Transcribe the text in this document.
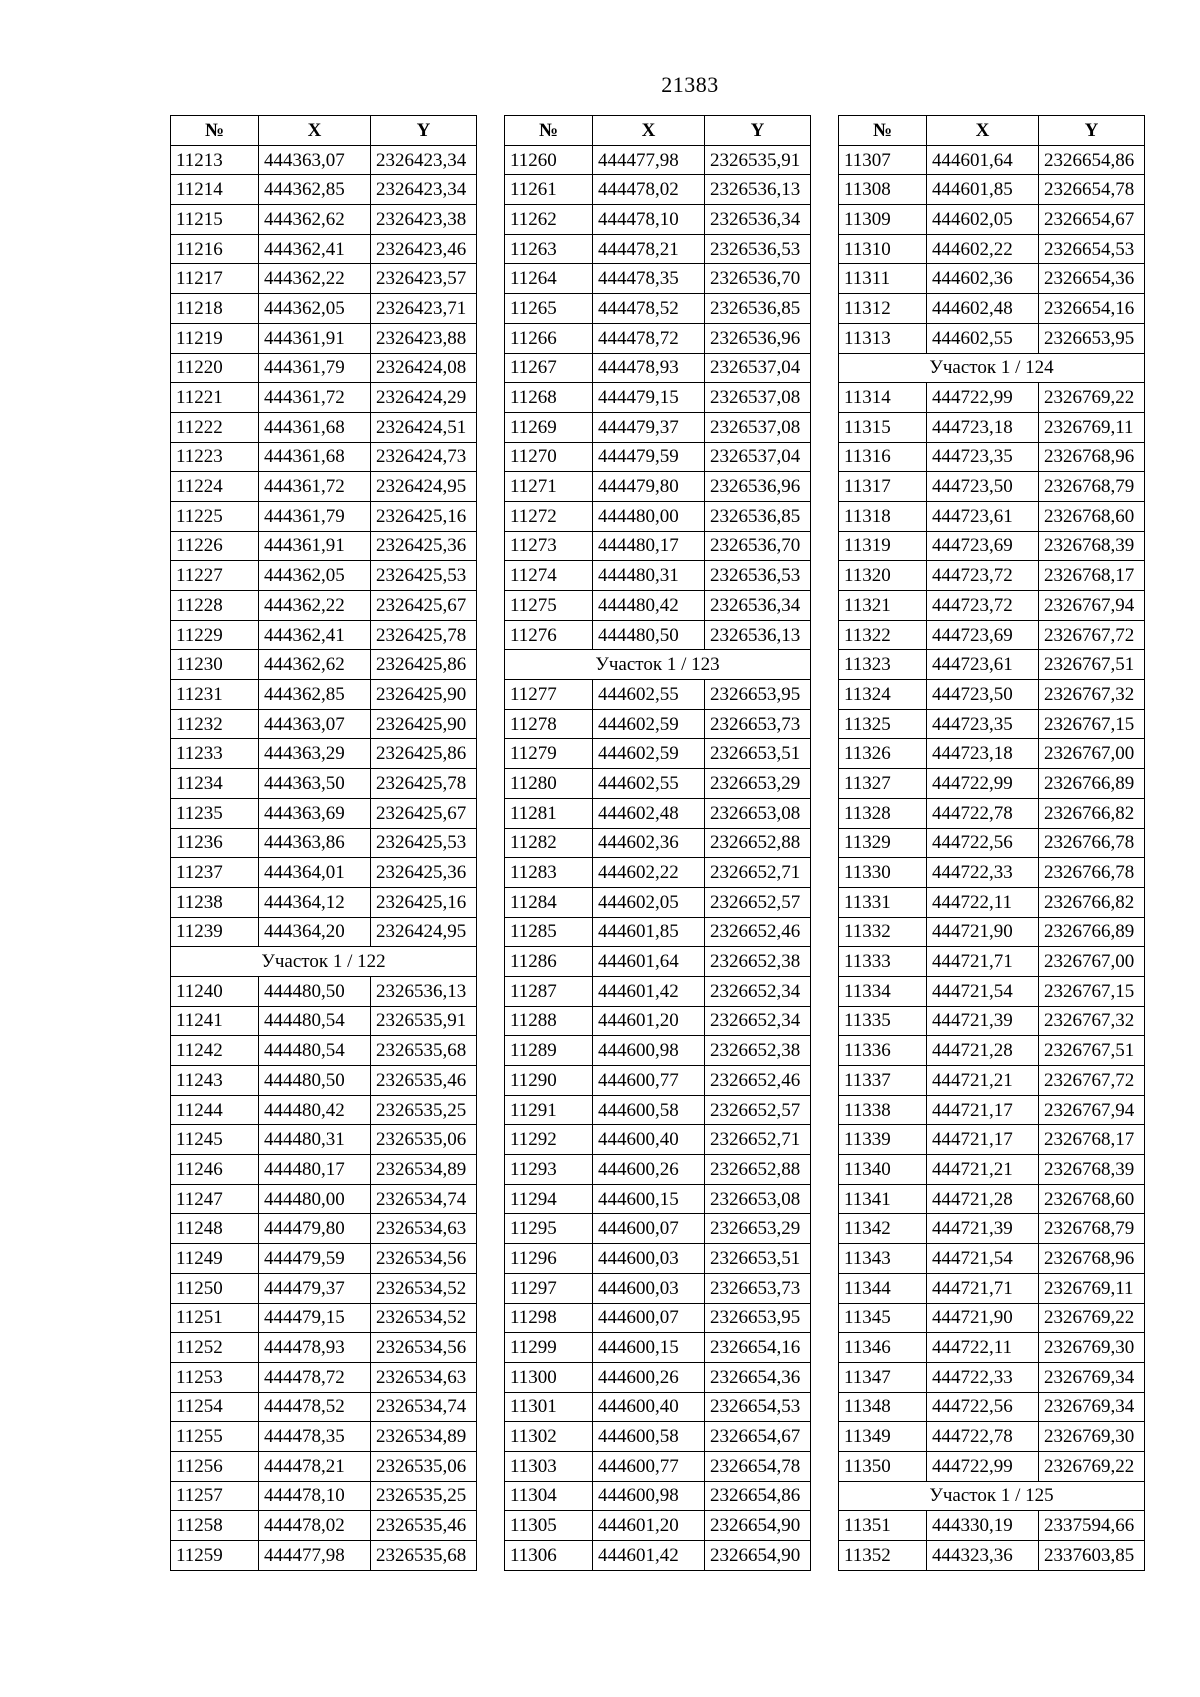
21383
№	X	Y
11213	444363,07	2326423,34
11214	444362,85	2326423,34
11215	444362,62	2326423,38
11216	444362,41	2326423,46
11217	444362,22	2326423,57
11218	444362,05	2326423,71
11219	444361,91	2326423,88
11220	444361,79	2326424,08
11221	444361,72	2326424,29
11222	444361,68	2326424,51
11223	444361,68	2326424,73
11224	444361,72	2326424,95
11225	444361,79	2326425,16
11226	444361,91	2326425,36
11227	444362,05	2326425,53
11228	444362,22	2326425,67
11229	444362,41	2326425,78
11230	444362,62	2326425,86
11231	444362,85	2326425,90
11232	444363,07	2326425,90
11233	444363,29	2326425,86
11234	444363,50	2326425,78
11235	444363,69	2326425,67
11236	444363,86	2326425,53
11237	444364,01	2326425,36
11238	444364,12	2326425,16
11239	444364,20	2326424,95
Участок 1 / 122		
11240	444480,50	2326536,13
11241	444480,54	2326535,91
11242	444480,54	2326535,68
11243	444480,50	2326535,46
11244	444480,42	2326535,25
11245	444480,31	2326535,06
11246	444480,17	2326534,89
11247	444480,00	2326534,74
11248	444479,80	2326534,63
11249	444479,59	2326534,56
11250	444479,37	2326534,52
11251	444479,15	2326534,52
11252	444478,93	2326534,56
11253	444478,72	2326534,63
11254	444478,52	2326534,74
11255	444478,35	2326534,89
11256	444478,21	2326535,06
11257	444478,10	2326535,25
11258	444478,02	2326535,46
11259	444477,98	2326535,68
№	X	Y
11260	444477,98	2326535,91
11261	444478,02	2326536,13
11262	444478,10	2326536,34
11263	444478,21	2326536,53
11264	444478,35	2326536,70
11265	444478,52	2326536,85
11266	444478,72	2326536,96
11267	444478,93	2326537,04
11268	444479,15	2326537,08
11269	444479,37	2326537,08
11270	444479,59	2326537,04
11271	444479,80	2326536,96
11272	444480,00	2326536,85
11273	444480,17	2326536,70
11274	444480,31	2326536,53
11275	444480,42	2326536,34
11276	444480,50	2326536,13
Участок 1 / 123		
11277	444602,55	2326653,95
11278	444602,59	2326653,73
11279	444602,59	2326653,51
11280	444602,55	2326653,29
11281	444602,48	2326653,08
11282	444602,36	2326652,88
11283	444602,22	2326652,71
11284	444602,05	2326652,57
11285	444601,85	2326652,46
11286	444601,64	2326652,38
11287	444601,42	2326652,34
11288	444601,20	2326652,34
11289	444600,98	2326652,38
11290	444600,77	2326652,46
11291	444600,58	2326652,57
11292	444600,40	2326652,71
11293	444600,26	2326652,88
11294	444600,15	2326653,08
11295	444600,07	2326653,29
11296	444600,03	2326653,51
11297	444600,03	2326653,73
11298	444600,07	2326653,95
11299	444600,15	2326654,16
11300	444600,26	2326654,36
11301	444600,40	2326654,53
11302	444600,58	2326654,67
11303	444600,77	2326654,78
11304	444600,98	2326654,86
11305	444601,20	2326654,90
11306	444601,42	2326654,90
№	X	Y
11307	444601,64	2326654,86
11308	444601,85	2326654,78
11309	444602,05	2326654,67
11310	444602,22	2326654,53
11311	444602,36	2326654,36
11312	444602,48	2326654,16
11313	444602,55	2326653,95
Участок 1 / 124		
11314	444722,99	2326769,22
11315	444723,18	2326769,11
11316	444723,35	2326768,96
11317	444723,50	2326768,79
11318	444723,61	2326768,60
11319	444723,69	2326768,39
11320	444723,72	2326768,17
11321	444723,72	2326767,94
11322	444723,69	2326767,72
11323	444723,61	2326767,51
11324	444723,50	2326767,32
11325	444723,35	2326767,15
11326	444723,18	2326767,00
11327	444722,99	2326766,89
11328	444722,78	2326766,82
11329	444722,56	2326766,78
11330	444722,33	2326766,78
11331	444722,11	2326766,82
11332	444721,90	2326766,89
11333	444721,71	2326767,00
11334	444721,54	2326767,15
11335	444721,39	2326767,32
11336	444721,28	2326767,51
11337	444721,21	2326767,72
11338	444721,17	2326767,94
11339	444721,17	2326768,17
11340	444721,21	2326768,39
11341	444721,28	2326768,60
11342	444721,39	2326768,79
11343	444721,54	2326768,96
11344	444721,71	2326769,11
11345	444721,90	2326769,22
11346	444722,11	2326769,30
11347	444722,33	2326769,34
11348	444722,56	2326769,34
11349	444722,78	2326769,30
11350	444722,99	2326769,22
Участок 1 / 125		
11351	444330,19	2337594,66
11352	444323,36	2337603,85
